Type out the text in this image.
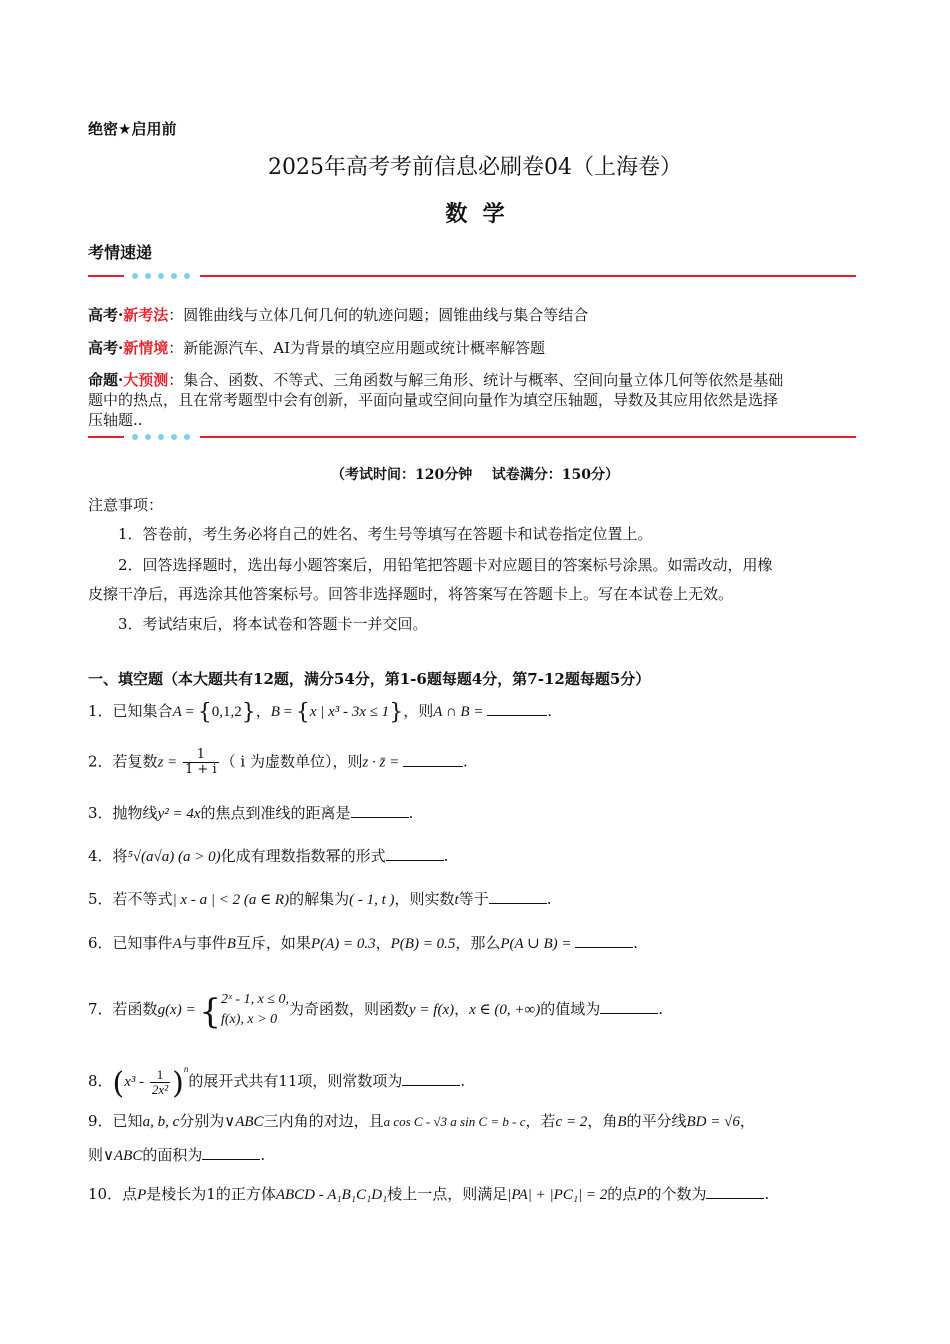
绝密★启用前
2025年高考考前信息必刷卷04（上海卷）
数  学
考情速递
高考·新考法：圆锥曲线与立体几何几何的轨迹问题；圆锥曲线与集合等结合
高考·新情境：新能源汽车、AI为背景的填空应用题或统计概率解答题
命题·大预测：集合、函数、不等式、三角函数与解三角形、统计与概率、空间向量立体几何等依然是基础
题中的热点，且在常考题型中会有创新，平面向量或空间向量作为填空压轴题，导数及其应用依然是选择
压轴题..
（考试时间：120分钟    试卷满分：150分）
注意事项：
1．答卷前，考生务必将自己的姓名、考生号等填写在答题卡和试卷指定位置上。
2．回答选择题时，选出每小题答案后，用铅笔把答题卡对应题目的答案标号涂黑。如需改动，用橡
皮擦干净后，再选涂其他答案标号。回答非选择题时，将答案写在答题卡上。写在本试卷上无效。
3．考试结束后，将本试卷和答题卡一并交回。
一、填空题（本大题共有12题，满分54分，第1-6题每题4分，第7-12题每题5分）
1．已知集合A = {0,1,2}，B = {x | x³ - 3x ≤ 1}，则A ∩ B =	.
2．若复数$z = \frac{1}{1 + i}$ （ i 为虚数单位），则z · z̄ =	.
3．抛物线y² = 4x的焦点到准线的距离是	.
4．将⁵√(a√a) (a > 0)化成有理数指数幂的形式	.
5．若不等式| x - a | < 2 (a ∈ R)的解集为( - 1, t )，则实数t等于	.
6．已知事件A与事件B互斥，如果P(A) = 0.3，P(B) = 0.5，那么P(A ∪ B) =	.
7．若函数g(x) = { 2ˣ - 1, x ≤ 0,
f(x), x > 0
为奇函数，则函数y = f(x)，x ∈ (0, +∞)的值域为	.
8．$(x^3 - \frac{1}{\text{2x²}} )^n$的展开式共有11项，则常数项为	.
9．已知a, b, c分别为∨ABC三内角的对边，且a cos C - √3 a sin C = b - c，若c = 2，角B的平分线BD = √6，
则∨ABC的面积为	.
10．点P是棱长为1的正方体ABCD - A₁B₁C₁D₁棱上一点，则满足|PA| + |PC₁| = 2的点P的个数为	.
